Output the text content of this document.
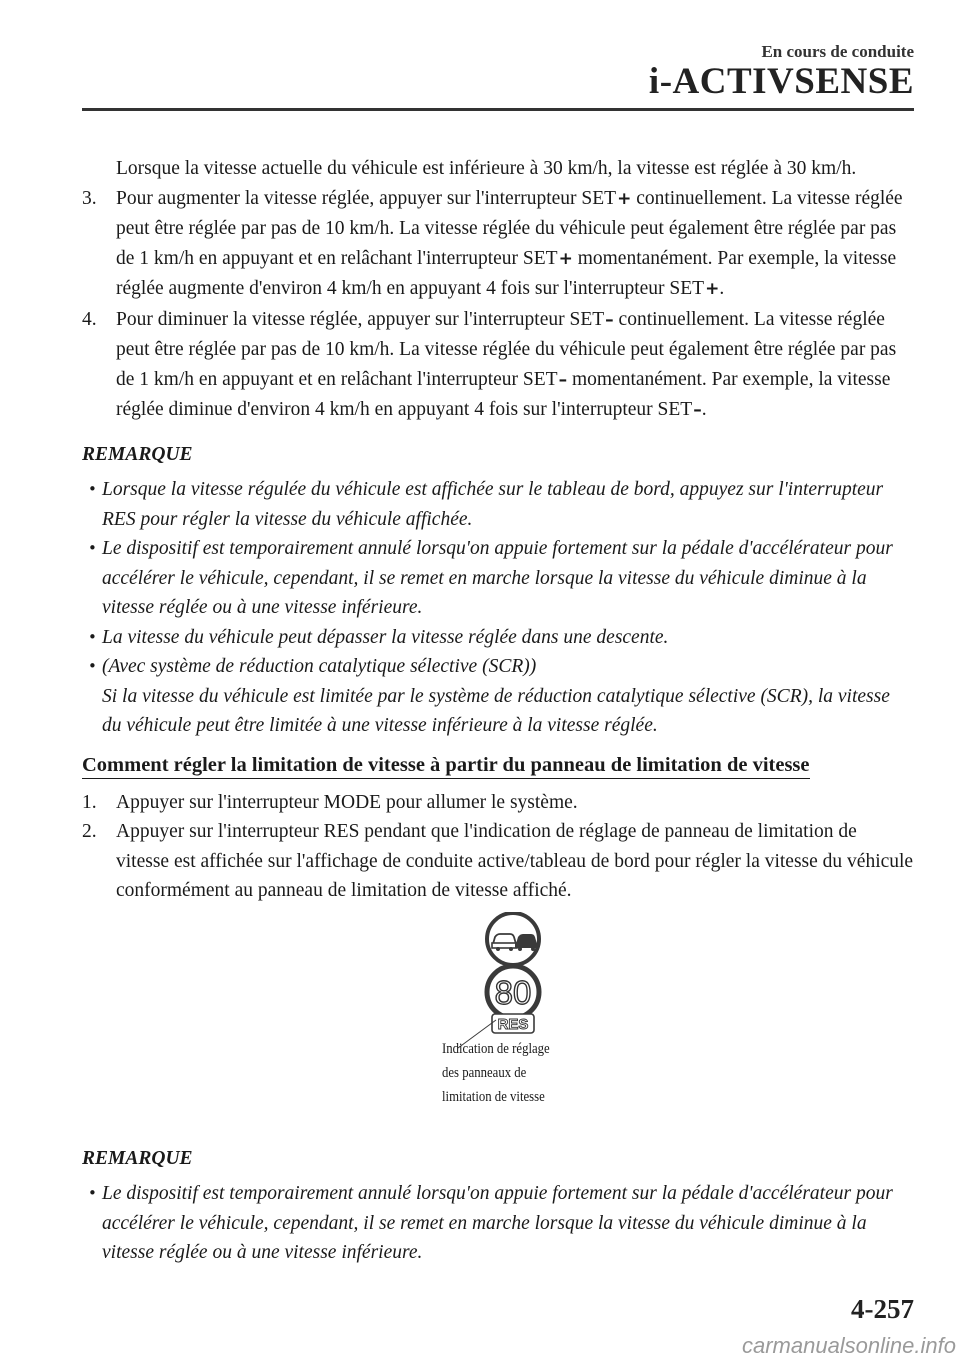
En cours de conduite
i-ACTIVSENSE
Lorsque la vitesse actuelle du véhicule est inférieure à 30 km/h, la vitesse est réglée à 30 km/h.
3. Pour augmenter la vitesse réglée, appuyer sur l'interrupteur SET+ continuellement. La vitesse réglée peut être réglée par pas de 10 km/h. La vitesse réglée du véhicule peut également être réglée par pas de 1 km/h en appuyant et en relâchant l'interrupteur SET+ momentanément. Par exemple, la vitesse réglée augmente d'environ 4 km/h en appuyant 4 fois sur l'interrupteur SET+.
4. Pour diminuer la vitesse réglée, appuyer sur l'interrupteur SET– continuellement. La vitesse réglée peut être réglée par pas de 10 km/h. La vitesse réglée du véhicule peut également être réglée par pas de 1 km/h en appuyant et en relâchant l'interrupteur SET– momentanément. Par exemple, la vitesse réglée diminue d'environ 4 km/h en appuyant 4 fois sur l'interrupteur SET–.
REMARQUE
• Lorsque la vitesse régulée du véhicule est affichée sur le tableau de bord, appuyez sur l'interrupteur RES pour régler la vitesse du véhicule affichée.
• Le dispositif est temporairement annulé lorsqu'on appuie fortement sur la pédale d'accélérateur pour accélérer le véhicule, cependant, il se remet en marche lorsque la vitesse du véhicule diminue à la vitesse réglée ou à une vitesse inférieure.
• La vitesse du véhicule peut dépasser la vitesse réglée dans une descente.
• (Avec système de réduction catalytique sélective (SCR))
Si la vitesse du véhicule est limitée par le système de réduction catalytique sélective (SCR), la vitesse du véhicule peut être limitée à une vitesse inférieure à la vitesse réglée.
Comment régler la limitation de vitesse à partir du panneau de limitation de vitesse
1. Appuyer sur l'interrupteur MODE pour allumer le système.
2. Appuyer sur l'interrupteur RES pendant que l'indication de réglage de panneau de limitation de vitesse est affichée sur l'affichage de conduite active/tableau de bord pour régler la vitesse du véhicule conformément au panneau de limitation de vitesse affiché.
80
RES
Indication de réglage
des panneaux de
limitation de vitesse
REMARQUE
• Le dispositif est temporairement annulé lorsqu'on appuie fortement sur la pédale d'accélérateur pour accélérer le véhicule, cependant, il se remet en marche lorsque la vitesse du véhicule diminue à la vitesse réglée ou à une vitesse inférieure.
4-257
carmanualsonline.info
